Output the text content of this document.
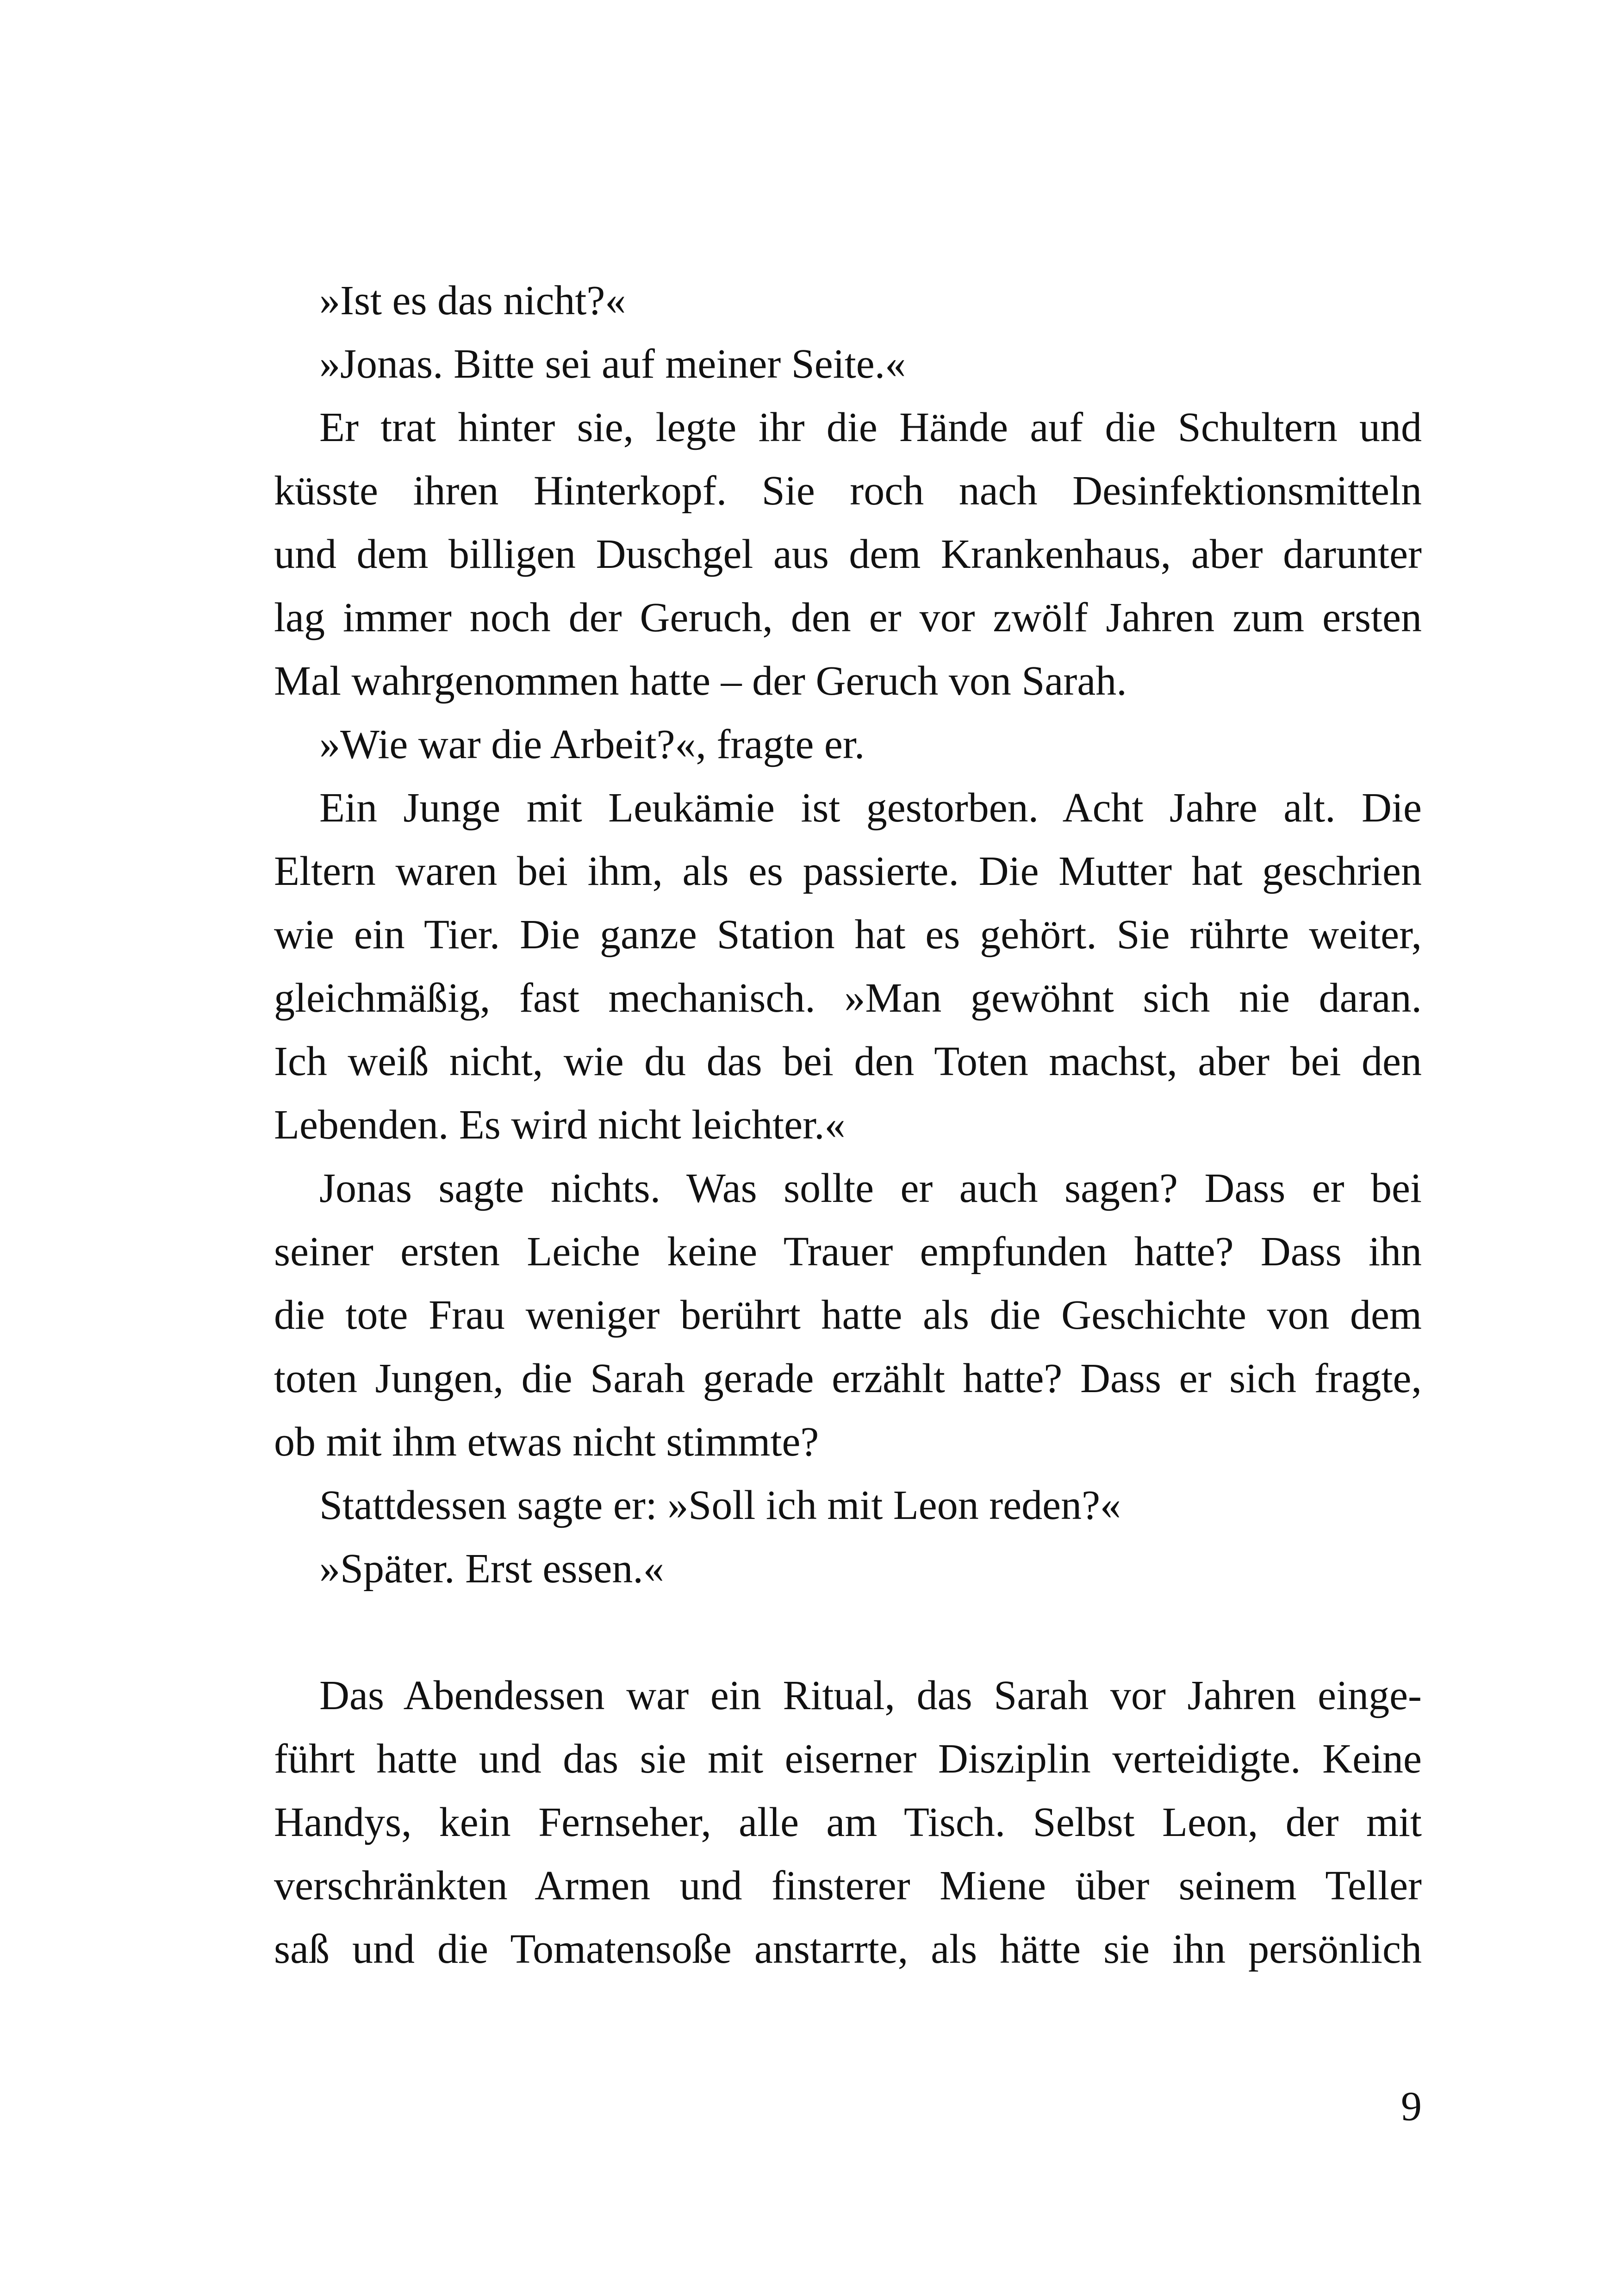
»Ist es das nicht?«
»Jonas. Bitte sei auf meiner Seite.«
Er trat hinter sie, legte ihr die Hände auf die Schultern und
küsste ihren Hinterkopf. Sie roch nach Desinfektionsmitteln
und dem billigen Duschgel aus dem Krankenhaus, aber darunter
lag immer noch der Geruch, den er vor zwölf Jahren zum ersten
Mal wahrgenommen hatte – der Geruch von Sarah.
»Wie war die Arbeit?«, fragte er.
Ein Junge mit Leukämie ist gestorben. Acht Jahre alt. Die
Eltern waren bei ihm, als es passierte. Die Mutter hat geschrien
wie ein Tier. Die ganze Station hat es gehört. Sie rührte weiter,
gleichmäßig, fast mechanisch. »Man gewöhnt sich nie daran.
Ich weiß nicht, wie du das bei den Toten machst, aber bei den
Lebenden. Es wird nicht leichter.«
Jonas sagte nichts. Was sollte er auch sagen? Dass er bei
seiner ersten Leiche keine Trauer empfunden hatte? Dass ihn
die tote Frau weniger berührt hatte als die Geschichte von dem
toten Jungen, die Sarah gerade erzählt hatte? Dass er sich fragte,
ob mit ihm etwas nicht stimmte?
Stattdessen sagte er: »Soll ich mit Leon reden?«
»Später. Erst essen.«
Das Abendessen war ein Ritual, das Sarah vor Jahren einge-
führt hatte und das sie mit eiserner Disziplin verteidigte. Keine
Handys, kein Fernseher, alle am Tisch. Selbst Leon, der mit
verschränkten Armen und finsterer Miene über seinem Teller
saß und die Tomatensoße anstarrte, als hätte sie ihn persönlich
9
